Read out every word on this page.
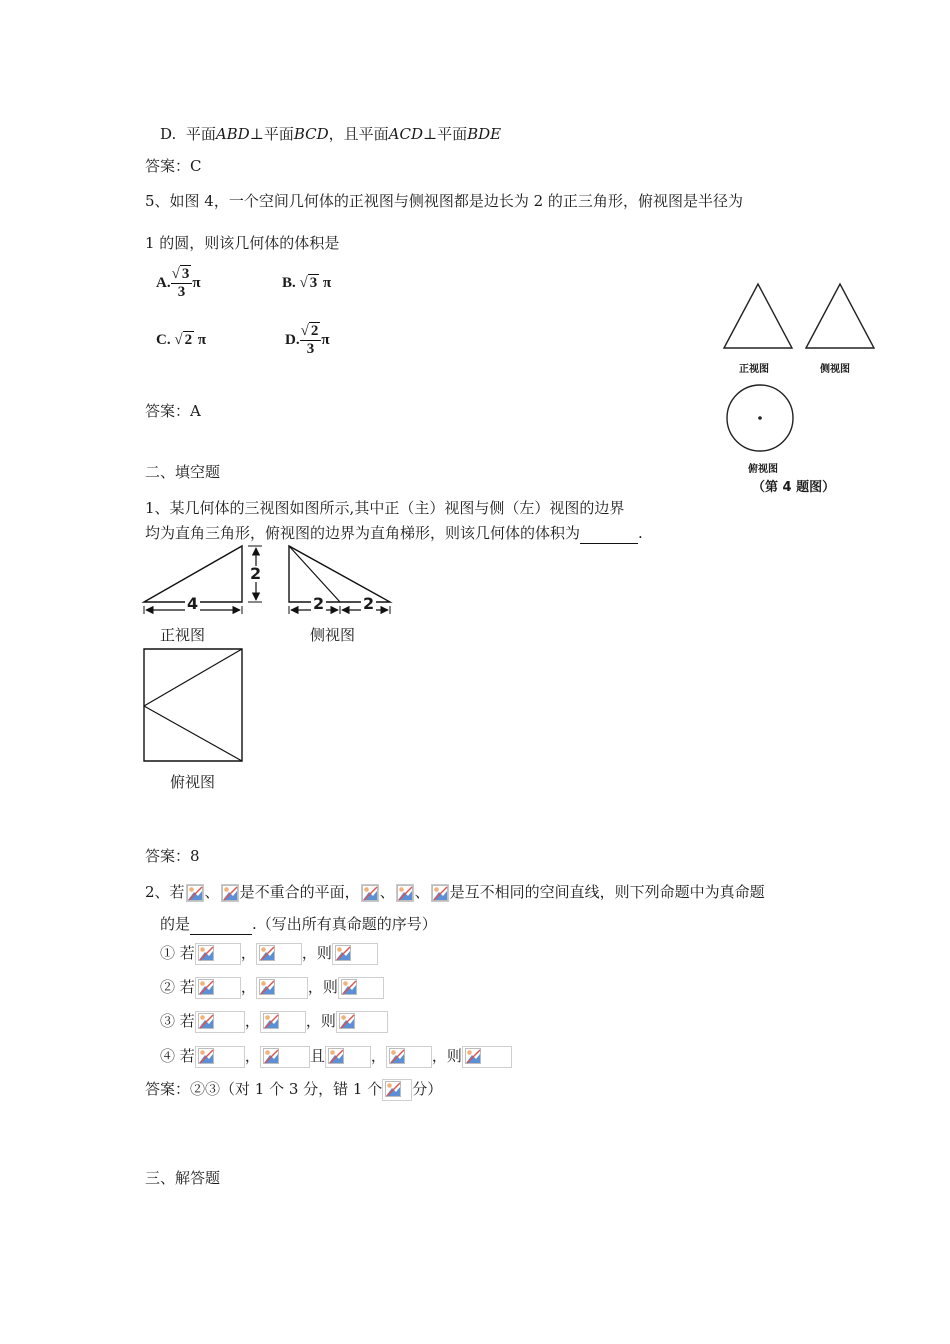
D. 平面ABD⊥平面BCD，且平面ACD⊥平面BDE
答案：C
5、如图 4，一个空间几何体的正视图与侧视图都是边长为 2 的正三角形，俯视图是半径为
1 的圆，则该几何体的体积是
A. $\frac{√ 3}{3}$ π	B. √ 3 π
C. √ 2 π	D. $\frac{√ 2}{3}$ π
正视图	侧视图
俯视图
（第 4 题图）
答案：A
二、填空题
1、某几何体的三视图如图所示,其中正（主）视图与侧（左）视图的边界
均为直角三角形，俯视图的边界为直角梯形，则该几何体的体积为	.
4
2
2 2
正视图	侧视图
俯视图
答案：8
2、若 、 是不重合的平面， 、 、 是互不相同的空间直线，则下列命题中为真命题
的是	.（写出所有真命题的序号）
① 若	，	，则
② 若	，	，则
③ 若	，	，则
④ 若	，	且	，	，则
答案：②③（对 1 个 3 分，错 1 个 分）
三、解答题
